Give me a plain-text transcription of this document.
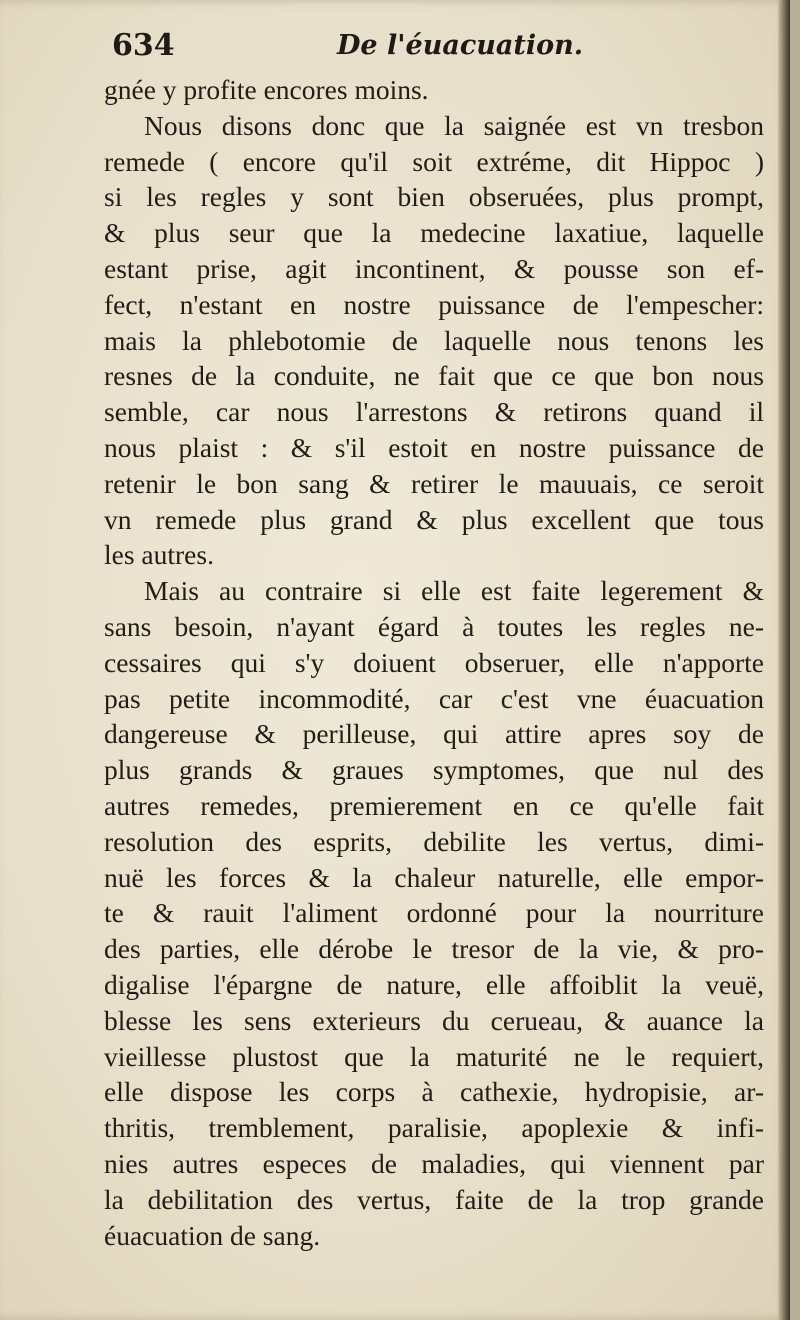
634	De l'éuacuation.
gnée y profite encores moins.
Nous disons donc que la saignée est vn tresbon
remede ( encore qu'il soit extréme, dit Hippoc )
si les regles y sont bien obseruées, plus prompt,
& plus seur que la medecine laxatiue, laquelle
estant prise, agit incontinent, & pousse son ef-
fect, n'estant en nostre puissance de l'empescher:
mais la phlebotomie de laquelle nous tenons les
resnes de la conduite, ne fait que ce que bon nous
semble, car nous l'arrestons & retirons quand il
nous plaist : & s'il estoit en nostre puissance de
retenir le bon sang & retirer le mauuais, ce seroit
vn remede plus grand & plus excellent que tous
les autres.
Mais au contraire si elle est faite legerement &
sans besoin, n'ayant égard à toutes les regles ne-
cessaires qui s'y doiuent obseruer, elle n'apporte
pas petite incommodité, car c'est vne éuacuation
dangereuse & perilleuse, qui attire apres soy de
plus grands & graues symptomes, que nul des
autres remedes, premierement en ce qu'elle fait
resolution des esprits, debilite les vertus, dimi-
nuë les forces & la chaleur naturelle, elle empor-
te & rauit l'aliment ordonné pour la nourriture
des parties, elle dérobe le tresor de la vie, & pro-
digalise l'épargne de nature, elle affoiblit la veuë,
blesse les sens exterieurs du cerueau, & auance la
vieillesse plustost que la maturité ne le requiert,
elle dispose les corps à cathexie, hydropisie, ar-
thritis, tremblement, paralisie, apoplexie & infi-
nies autres especes de maladies, qui viennent par
la debilitation des vertus, faite de la trop grande
éuacuation de sang.
